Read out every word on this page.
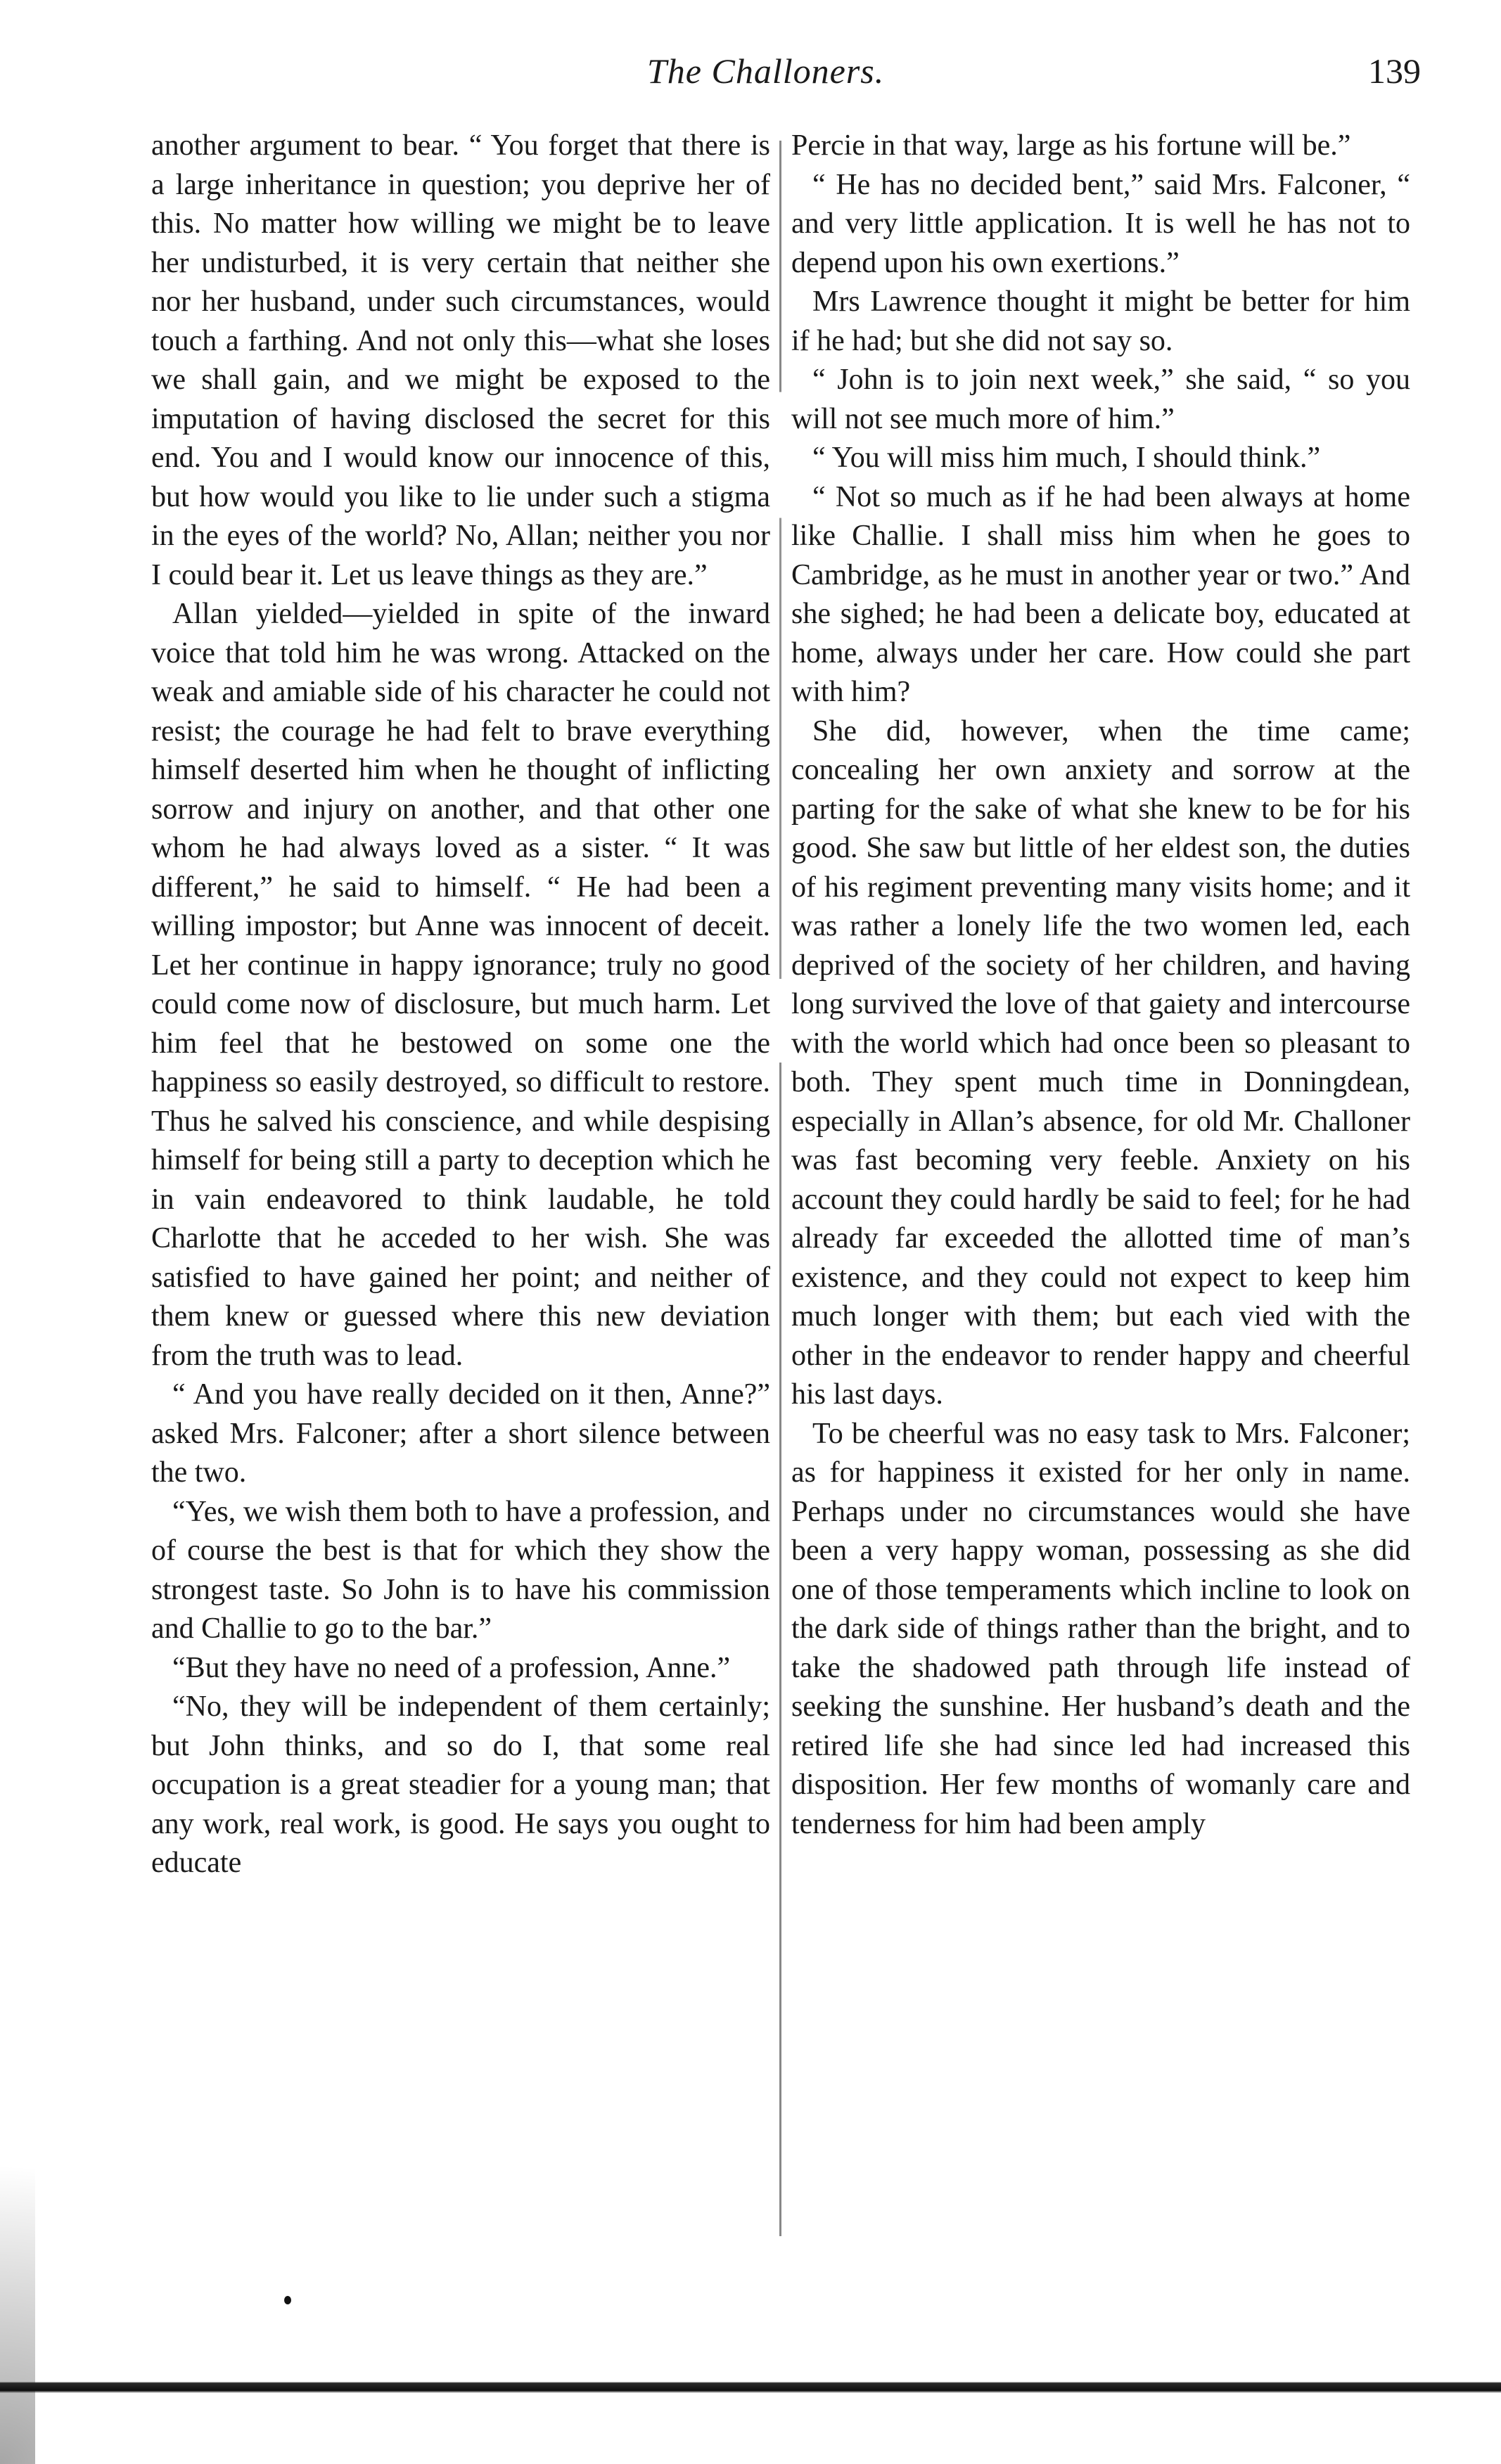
The Challoners.	139

another argument to bear. “ You forget that there is a large inheritance in question; you deprive her of this. No matter how willing we might be to leave her undisturbed, it is very certain that neither she nor her husband, under such circumstances, would touch a farthing. And not only this—what she loses we shall gain, and we might be exposed to the imputation of having disclosed the secret for this end. You and I would know our innocence of this, but how would you like to lie under such a stigma in the eyes of the world? No, Allan; neither you nor I could bear it. Let us leave things as they are.”

Allan yielded—yielded in spite of the inward voice that told him he was wrong. Attacked on the weak and amiable side of his character he could not resist; the courage he had felt to brave everything himself deserted him when he thought of inflicting sorrow and injury on another, and that other one whom he had always loved as a sister. “ It was different,” he said to himself. “ He had been a willing impostor; but Anne was innocent of deceit. Let her continue in happy ignorance; truly no good could come now of disclosure, but much harm. Let him feel that he bestowed on some one the happiness so easily destroyed, so difficult to restore. Thus he salved his conscience, and while despising himself for being still a party to deception which he in vain endeavored to think laudable, he told Charlotte that he acceded to her wish. She was satisfied to have gained her point; and neither of them knew or guessed where this new deviation from the truth was to lead.

“ And you have really decided on it then, Anne?” asked Mrs. Falconer; after a short silence between the two.

“Yes, we wish them both to have a profession, and of course the best is that for which they show the strongest taste. So John is to have his commission and Challie to go to the bar.”

“But they have no need of a profession, Anne.”

“No, they will be independent of them certainly; but John thinks, and so do I, that some real occupation is a great steadier for a young man; that any work, real work, is good. He says you ought to educate

Percie in that way, large as his fortune will be.”

“ He has no decided bent,” said Mrs. Falconer, “ and very little application. It is well he has not to depend upon his own exertions.”

Mrs Lawrence thought it might be better for him if he had; but she did not say so.

“ John is to join next week,” she said, “ so you will not see much more of him.”

“ You will miss him much, I should think.”

“ Not so much as if he had been always at home like Challie. I shall miss him when he goes to Cambridge, as he must in another year or two.” And she sighed; he had been a delicate boy, educated at home, always under her care. How could she part with him?

She did, however, when the time came; concealing her own anxiety and sorrow at the parting for the sake of what she knew to be for his good. She saw but little of her eldest son, the duties of his regiment preventing many visits home; and it was rather a lonely life the two women led, each deprived of the society of her children, and having long survived the love of that gaiety and intercourse with the world which had once been so pleasant to both. They spent much time in Donningdean, especially in Allan’s absence, for old Mr. Challoner was fast becoming very feeble. Anxiety on his account they could hardly be said to feel; for he had already far exceeded the allotted time of man’s existence, and they could not expect to keep him much longer with them; but each vied with the other in the endeavor to render happy and cheerful his last days.

To be cheerful was no easy task to Mrs. Falconer; as for happiness it existed for her only in name. Perhaps under no circumstances would she have been a very happy woman, possessing as she did one of those temperaments which incline to look on the dark side of things rather than the bright, and to take the shadowed path through life instead of seeking the sunshine. Her husband’s death and the retired life she had since led had increased this disposition. Her few months of womanly care and tenderness for him had been amply
